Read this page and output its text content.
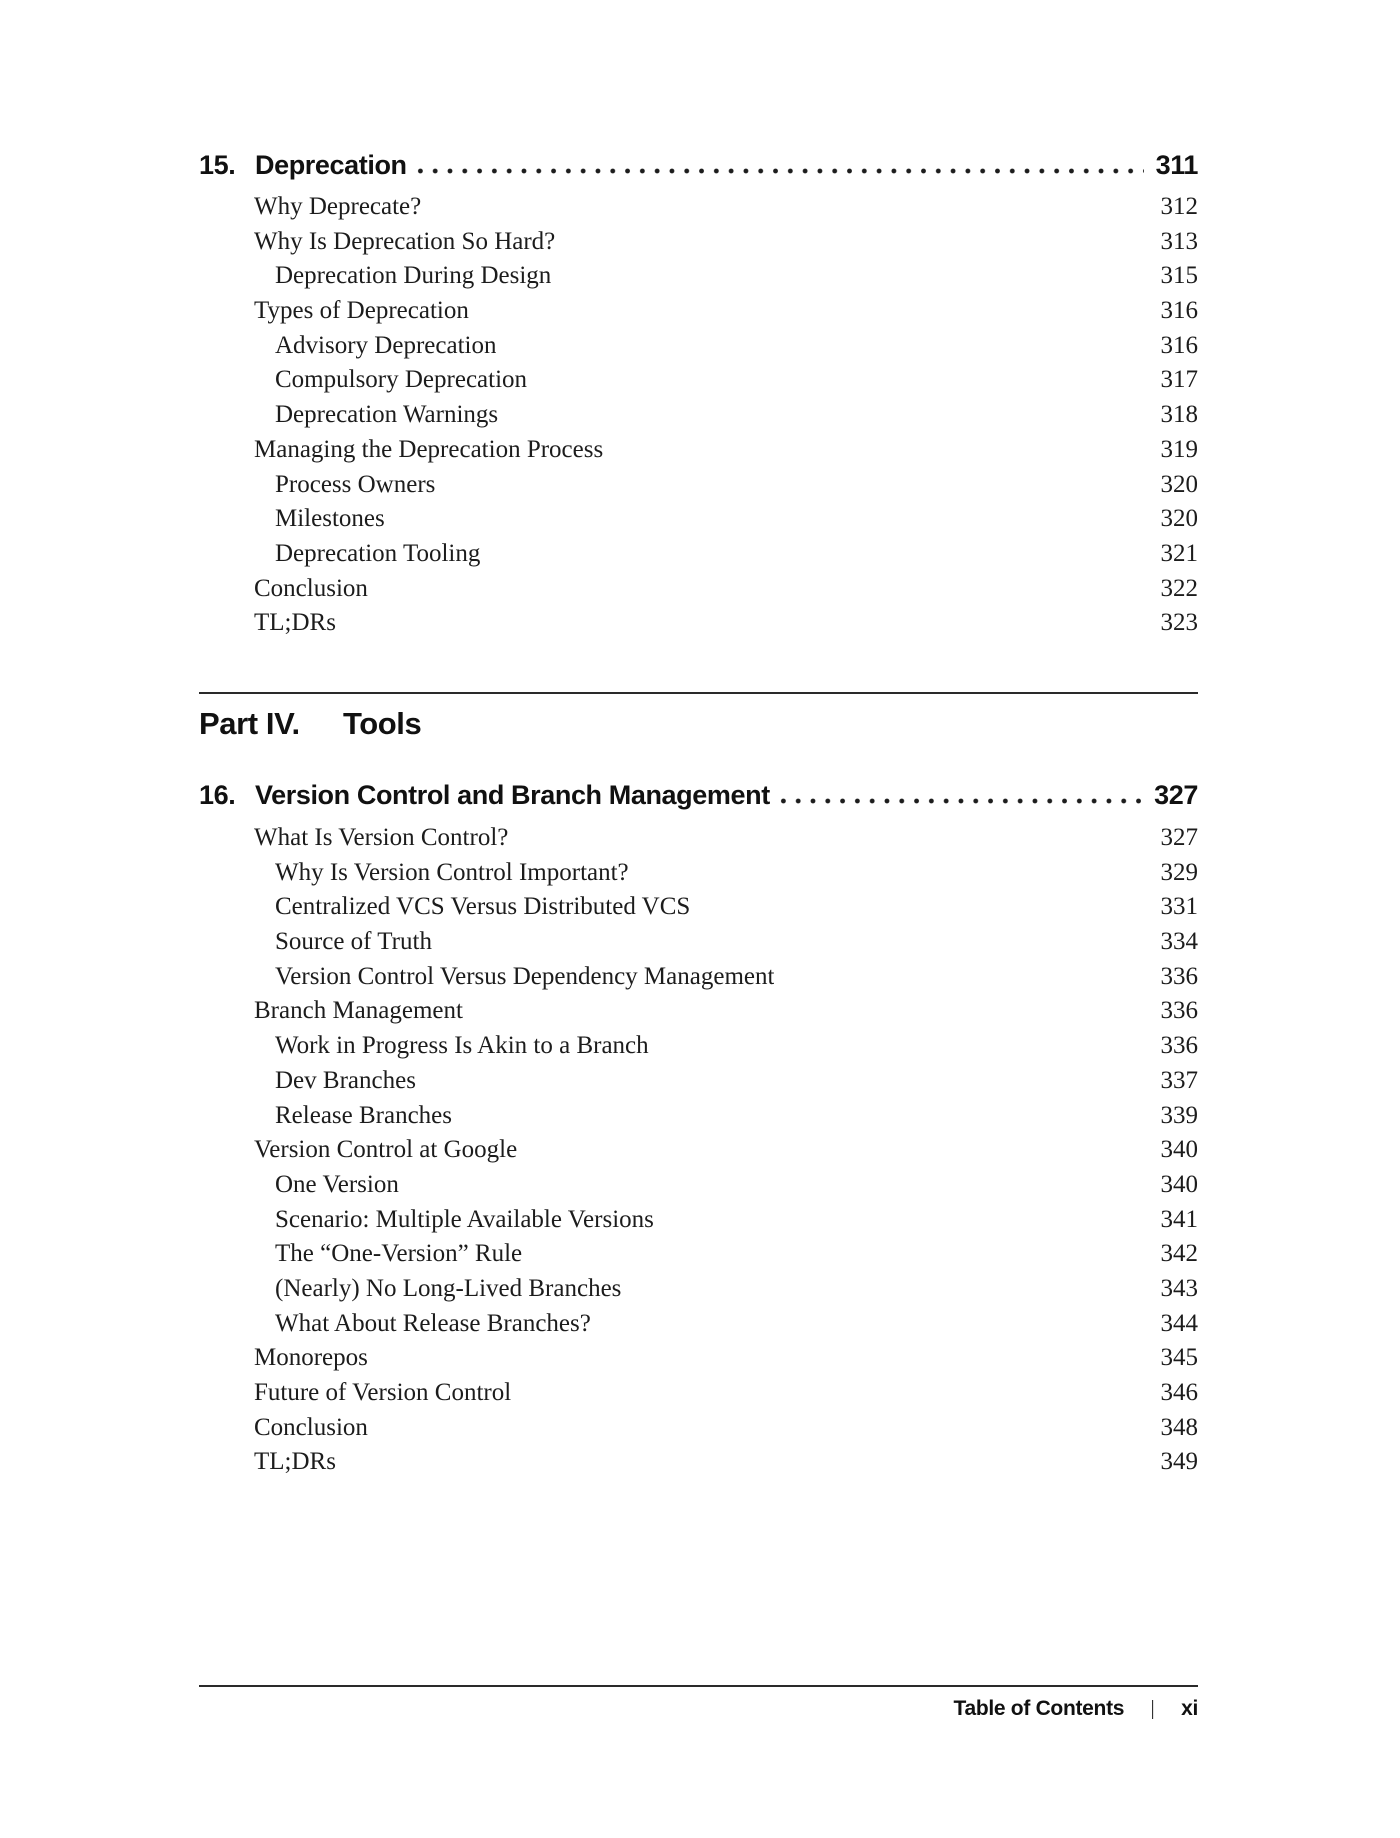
15. Deprecation	311
Why Deprecate?	312
Why Is Deprecation So Hard?	313
Deprecation During Design	315
Types of Deprecation	316
Advisory Deprecation	316
Compulsory Deprecation	317
Deprecation Warnings	318
Managing the Deprecation Process	319
Process Owners	320
Milestones	320
Deprecation Tooling	321
Conclusion	322
TL;DRs	323
Part IV. Tools
16. Version Control and Branch Management	327
What Is Version Control?	327
Why Is Version Control Important?	329
Centralized VCS Versus Distributed VCS	331
Source of Truth	334
Version Control Versus Dependency Management	336
Branch Management	336
Work in Progress Is Akin to a Branch	336
Dev Branches	337
Release Branches	339
Version Control at Google	340
One Version	340
Scenario: Multiple Available Versions	341
The “One-Version” Rule	342
(Nearly) No Long-Lived Branches	343
What About Release Branches?	344
Monorepos	345
Future of Version Control	346
Conclusion	348
TL;DRs	349
Table of Contents | xi
